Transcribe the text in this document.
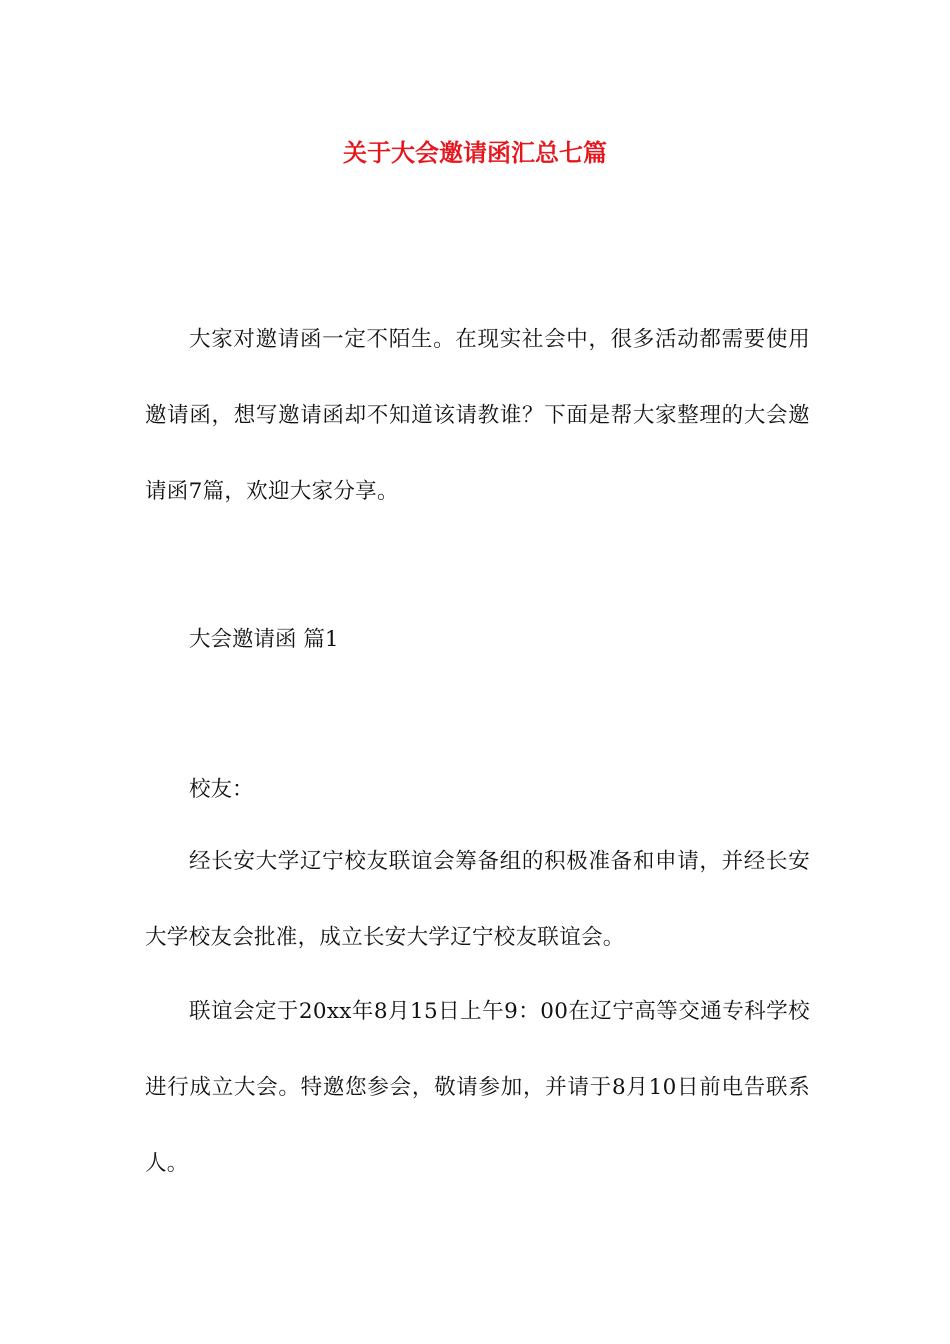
关于大会邀请函汇总七篇

大家对邀请函一定不陌生。在现实社会中，很多活动都需要使用邀请函，想写邀请函却不知道该请教谁？下面是帮大家整理的大会邀请函7篇，欢迎大家分享。

大会邀请函 篇1

校友：

经长安大学辽宁校友联谊会筹备组的积极准备和申请，并经长安大学校友会批准，成立长安大学辽宁校友联谊会。

联谊会定于20xx年8月15日上午9：00在辽宁高等交通专科学校进行成立大会。特邀您参会，敬请参加，并请于8月10日前电告联系人。
